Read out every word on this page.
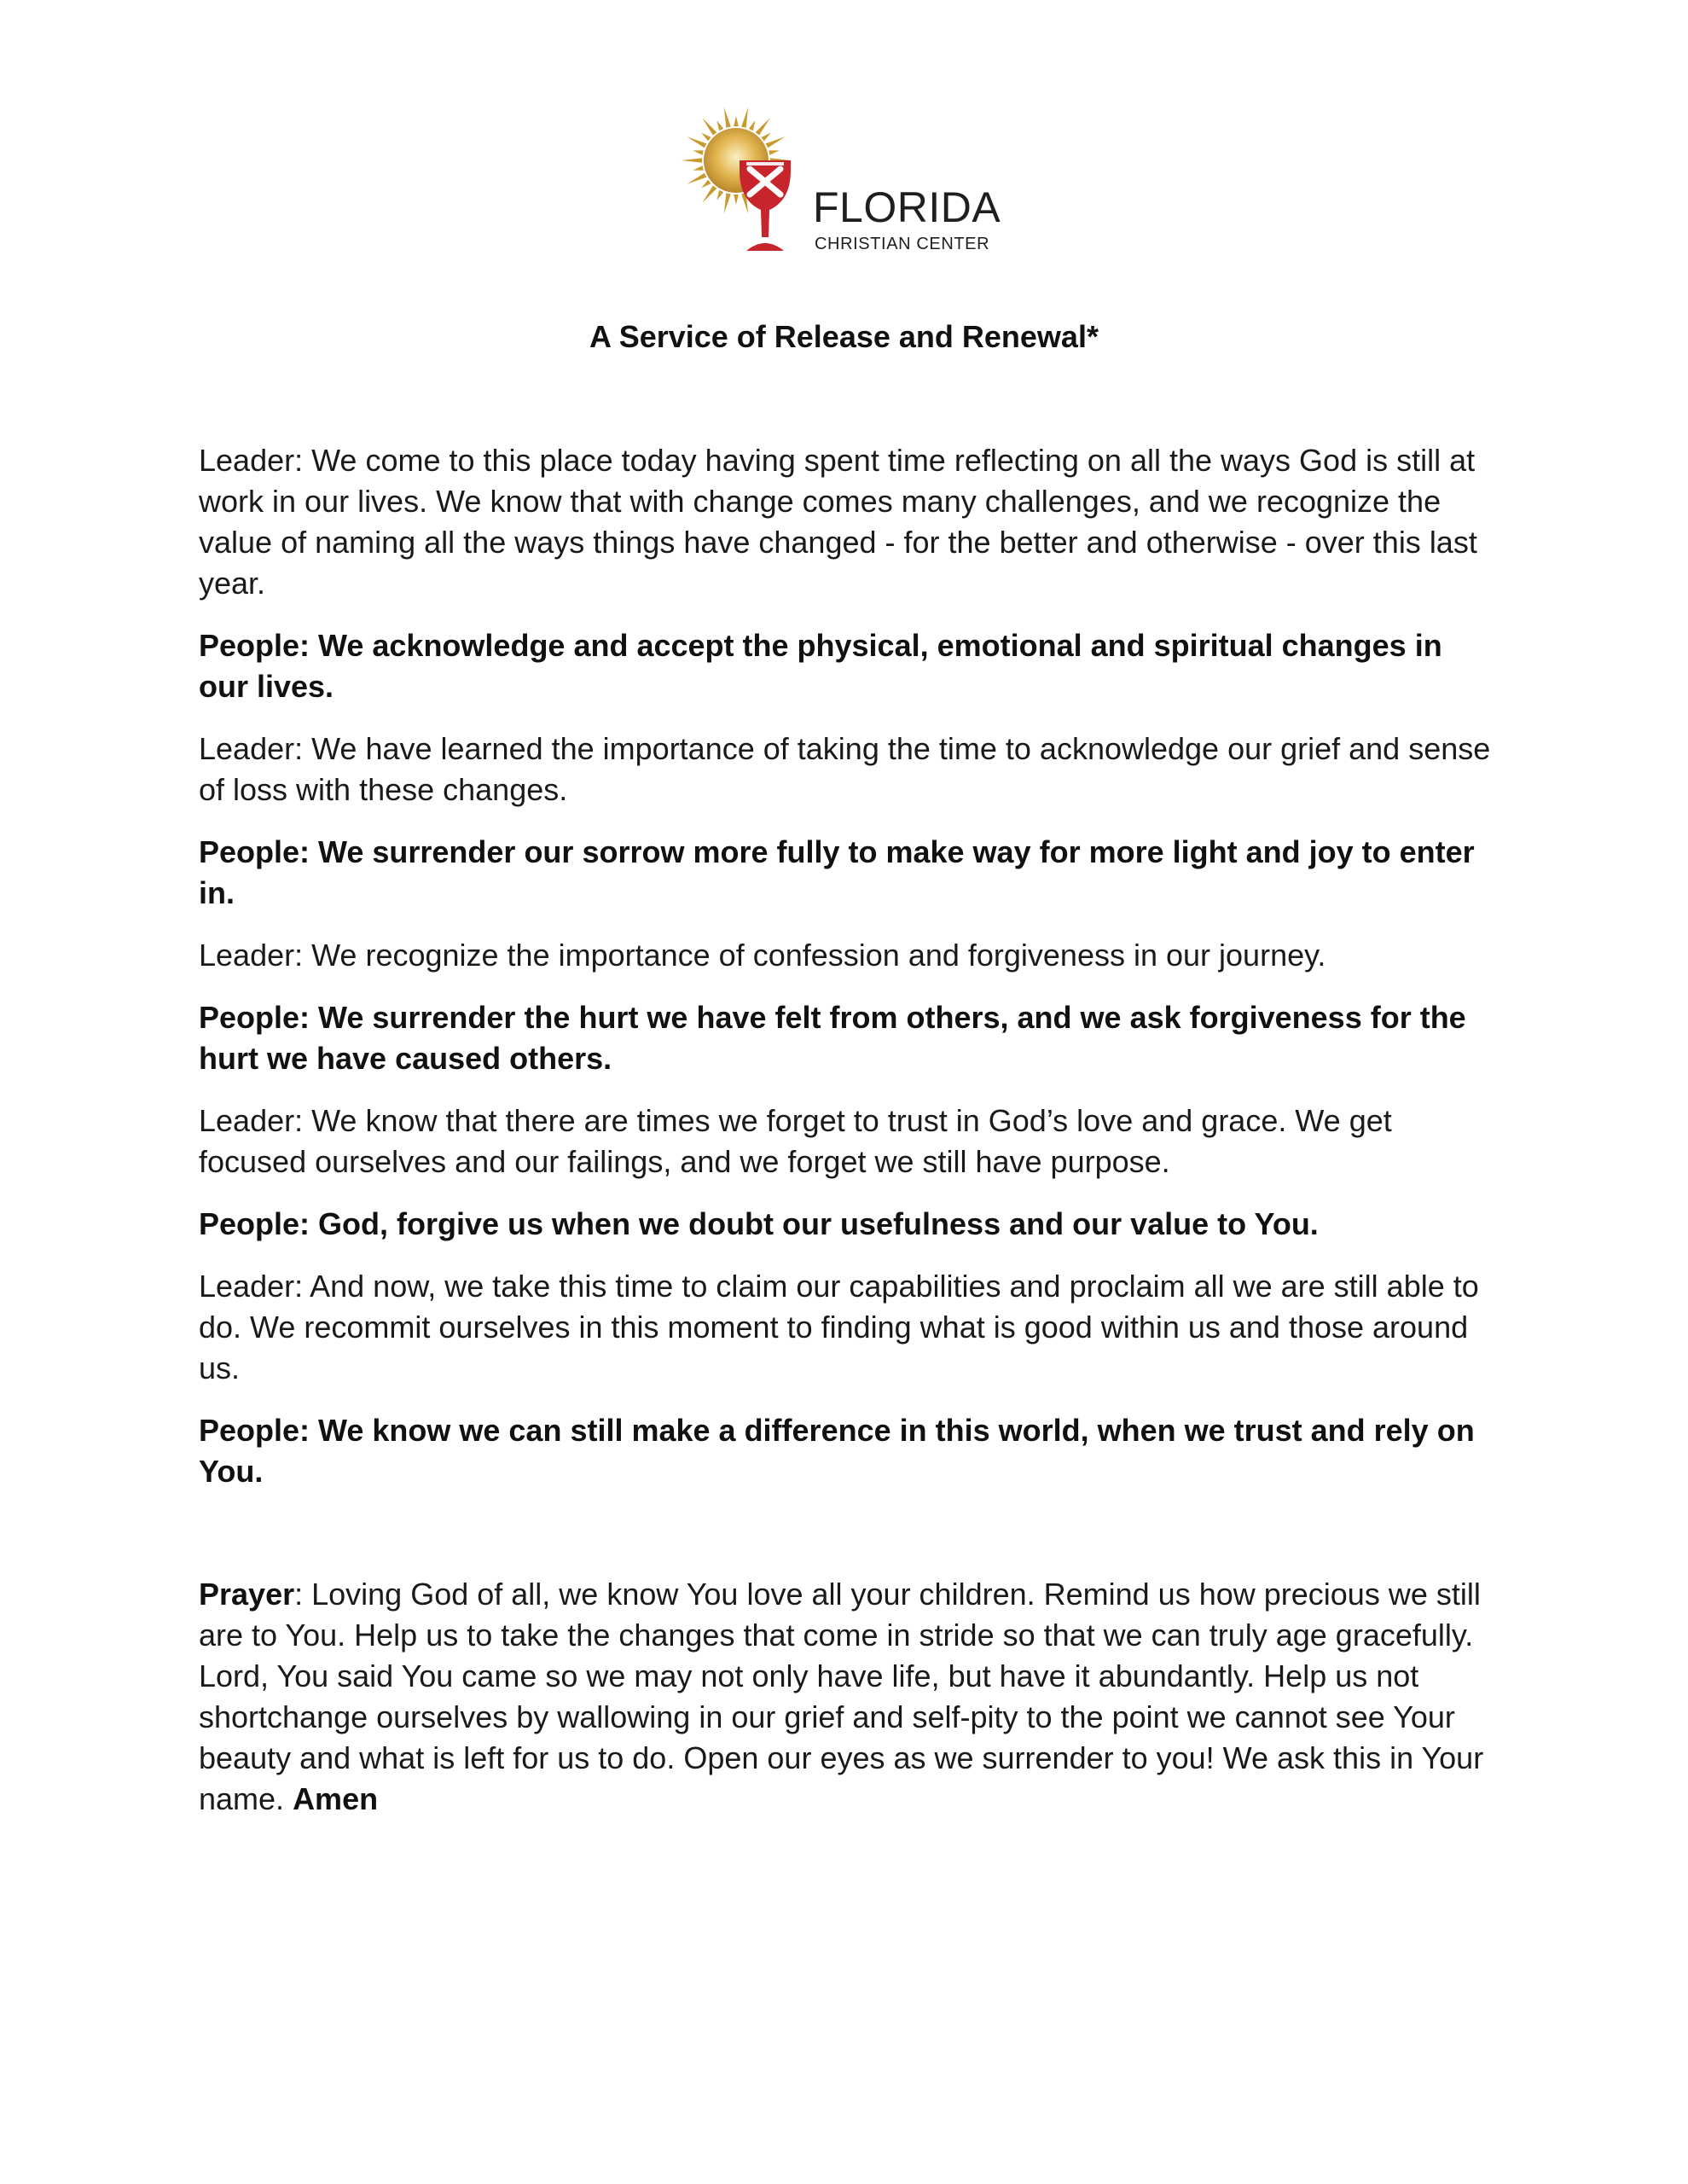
FLORIDA
CHRISTIAN CENTER
A Service of Release and Renewal*

Leader: We come to this place today having spent time reflecting on all the ways God is still at work in our lives. We know that with change comes many challenges, and we recognize the value of naming all the ways things have changed - for the better and otherwise - over this last year.

People: We acknowledge and accept the physical, emotional and spiritual changes in our lives.

Leader: We have learned the importance of taking the time to acknowledge our grief and sense of loss with these changes.

People: We surrender our sorrow more fully to make way for more light and joy to enter in.

Leader: We recognize the importance of confession and forgiveness in our journey.

People: We surrender the hurt we have felt from others, and we ask forgiveness for the hurt we have caused others.

Leader: We know that there are times we forget to trust in God’s love and grace. We get focused ourselves and our failings, and we forget we still have purpose.

People: God, forgive us when we doubt our usefulness and our value to You.

Leader: And now, we take this time to claim our capabilities and proclaim all we are still able to do. We recommit ourselves in this moment to finding what is good within us and those around us.

People: We know we can still make a difference in this world, when we trust and rely on You.

Prayer: Loving God of all, we know You love all your children. Remind us how precious we still are to You. Help us to take the changes that come in stride so that we can truly age gracefully. Lord, You said You came so we may not only have life, but have it abundantly. Help us not shortchange ourselves by wallowing in our grief and self-pity to the point we cannot see Your beauty and what is left for us to do. Open our eyes as we surrender to you! We ask this in Your name. Amen
